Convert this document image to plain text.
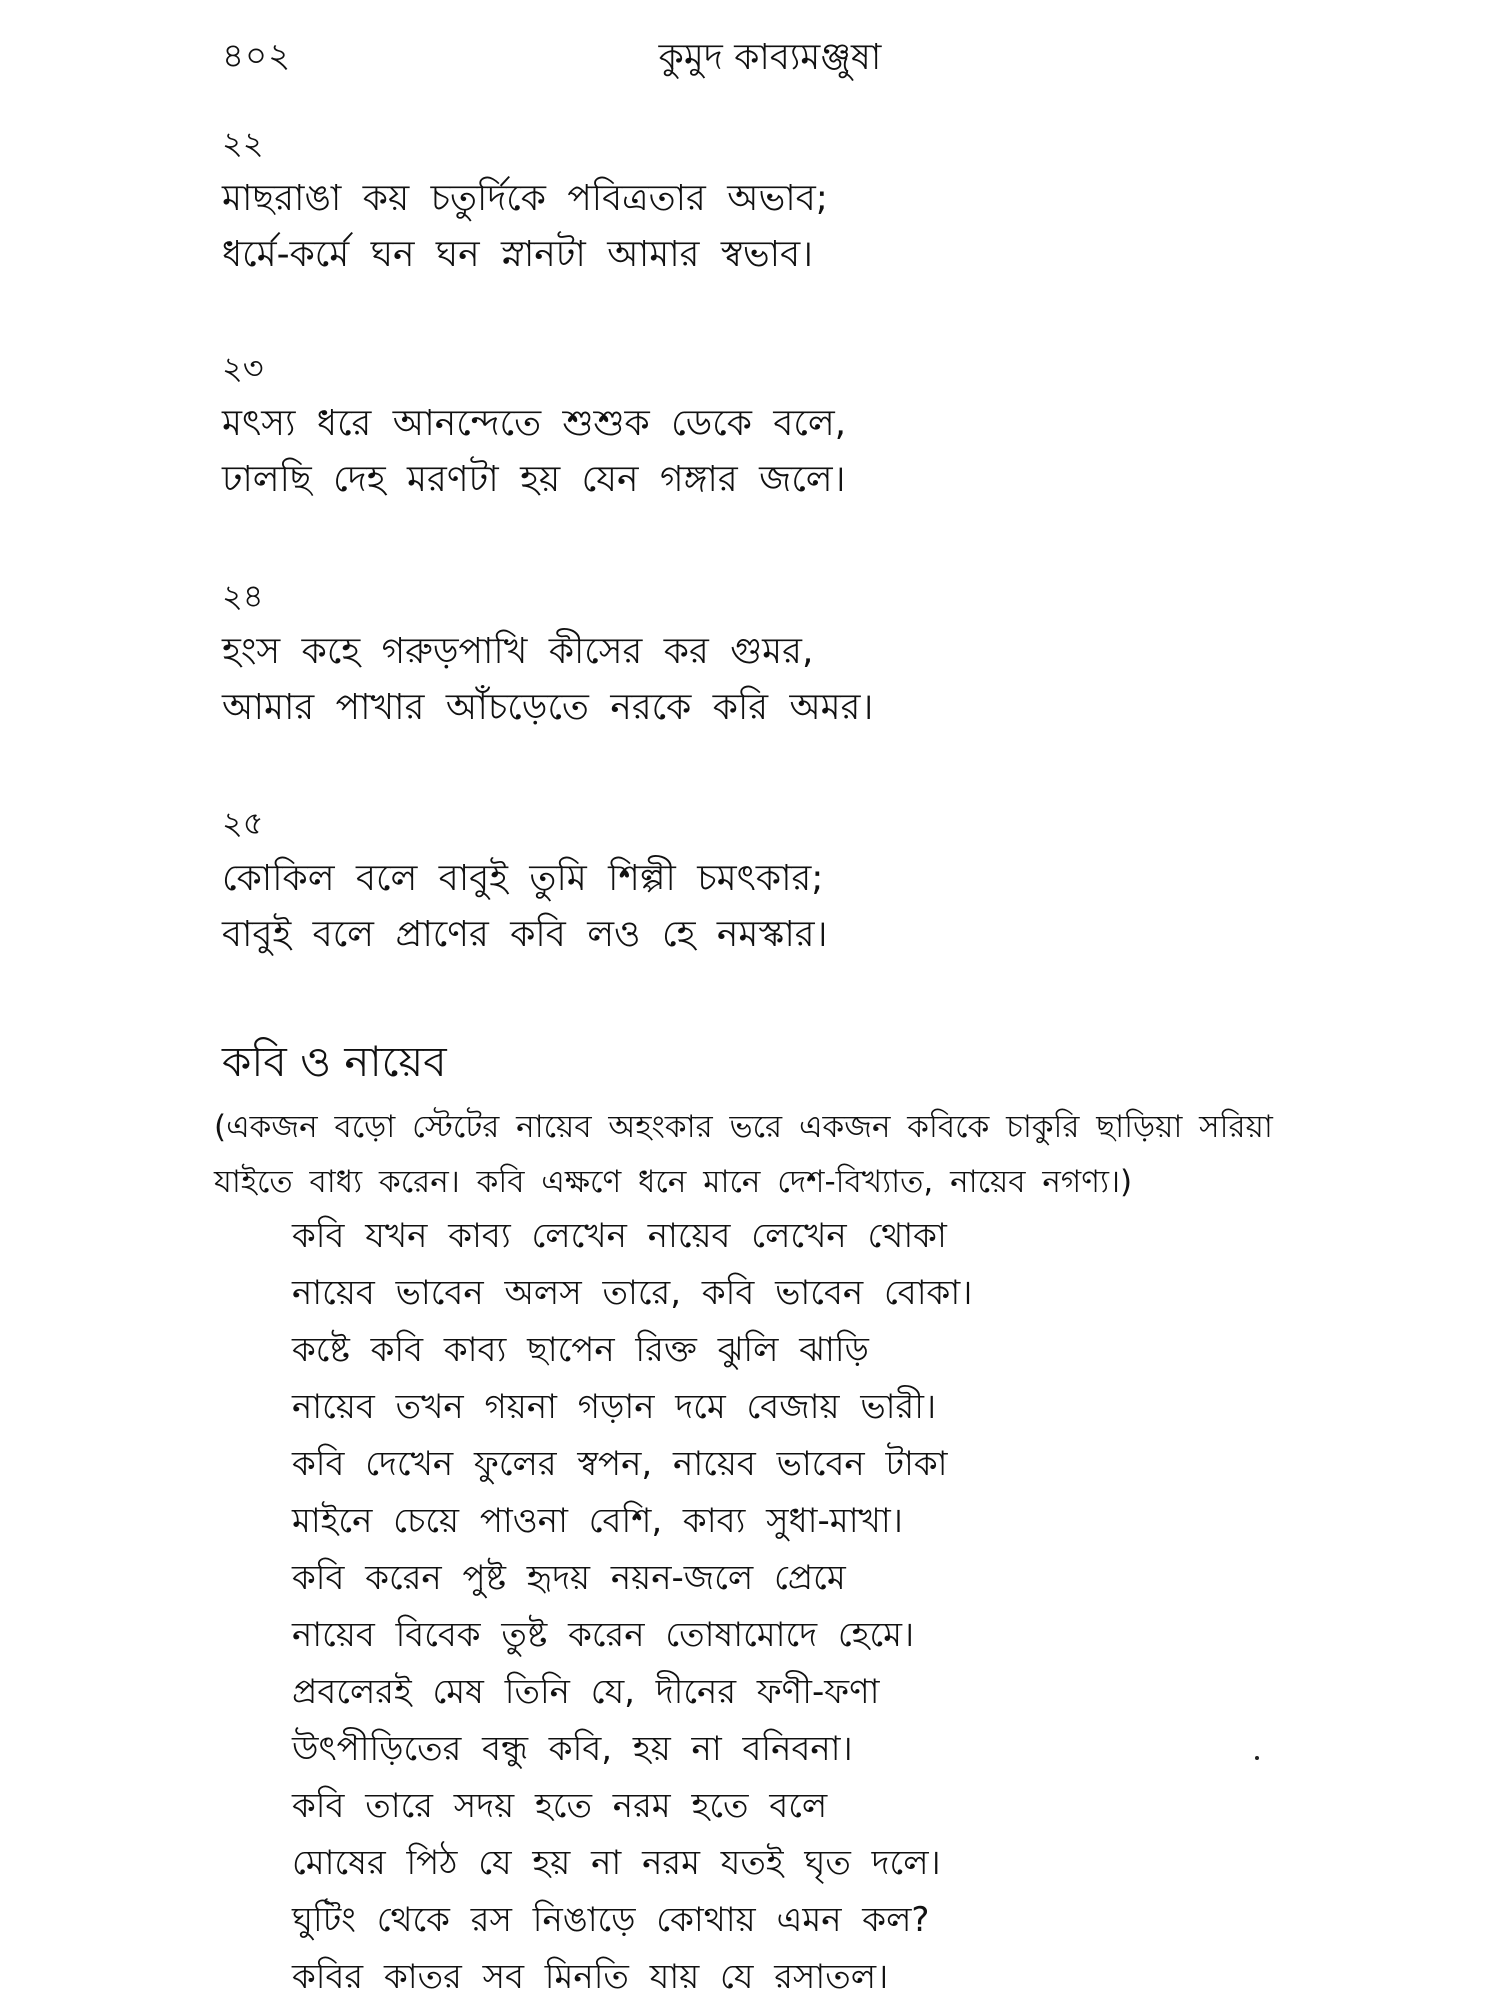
৪০২	কুমুদ কাব্যমঞ্জুষা
২২
মাছরাঙা কয় চতুর্দিকে পবিত্রতার অভাব;
ধর্মে-কর্মে ঘন ঘন স্নানটা আমার স্বভাব।
২৩
মৎস্য ধরে আনন্দেতে শুশুক ডেকে বলে,
ঢালছি দেহ মরণটা হয় যেন গঙ্গার জলে।
২৪
হংস কহে গরুড়পাখি কীসের কর গুমর,
আমার পাখার আঁচড়েতে নরকে করি অমর।
২৫
কোকিল বলে বাবুই তুমি শিল্পী চমৎকার;
বাবুই বলে প্রাণের কবি লও হে নমস্কার।
কবি ও নায়েব
(একজন বড়ো স্টেটের নায়েব অহংকার ভরে একজন কবিকে চাকুরি ছাড়িয়া সরিয়া
যাইতে বাধ্য করেন। কবি এক্ষণে ধনে মানে দেশ-বিখ্যাত, নায়েব নগণ্য।)
কবি যখন কাব্য লেখেন নায়েব লেখেন থোকা
নায়েব ভাবেন অলস তারে, কবি ভাবেন বোকা।
কষ্টে কবি কাব্য ছাপেন রিক্ত ঝুলি ঝাড়ি
নায়েব তখন গয়না গড়ান দমে বেজায় ভারী।
কবি দেখেন ফুলের স্বপন, নায়েব ভাবেন টাকা
মাইনে চেয়ে পাওনা বেশি, কাব্য সুধা-মাখা।
কবি করেন পুষ্ট হৃদয় নয়ন-জলে প্রেমে
নায়েব বিবেক তুষ্ট করেন তোষামোদে হেমে।
প্রবলেরই মেষ তিনি যে, দীনের ফণী-ফণা
উৎপীড়িতের বন্ধু কবি, হয় না বনিবনা।
কবি তারে সদয় হতে নরম হতে বলে
মোষের পিঠ যে হয় না নরম যতই ঘৃত দলে।
ঘুটিং থেকে রস নিঙাড়ে কোথায় এমন কল?
কবির কাতর সব মিনতি যায় যে রসাতল।
